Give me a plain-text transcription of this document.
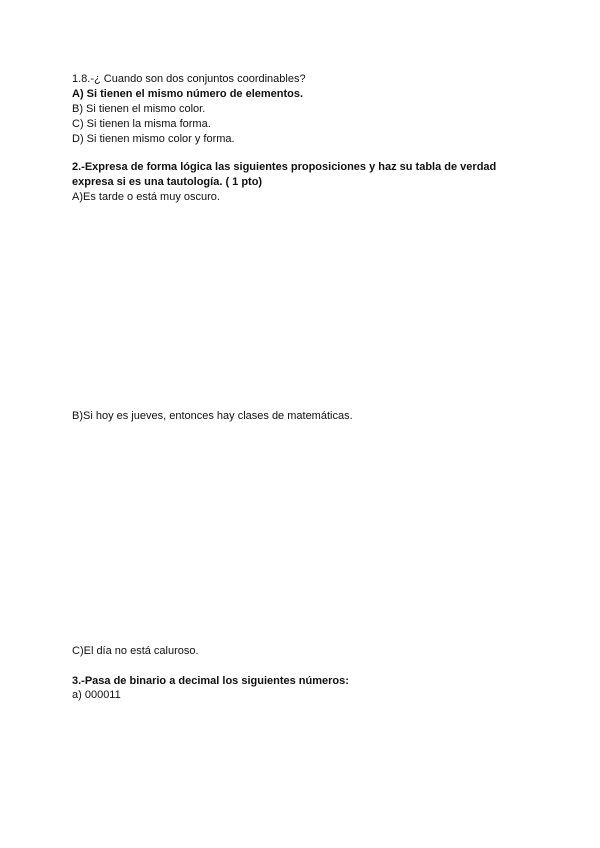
1.8.-¿ Cuando son dos conjuntos coordinables?
A) Si tienen el mismo número de elementos.
B) Si tienen el mismo color.
C) Si tienen la misma forma.
D) Si tienen mismo color y forma.
2.-Expresa de forma lógica las siguientes proposiciones y haz su tabla de verdad expresa si es una tautología. ( 1 pto)
A)Es tarde o está muy oscuro.
B)Si hoy es jueves, entonces hay clases de matemáticas.
C)El día no está caluroso.
3.-Pasa de binario a decimal los siguientes números:
a) 000011
